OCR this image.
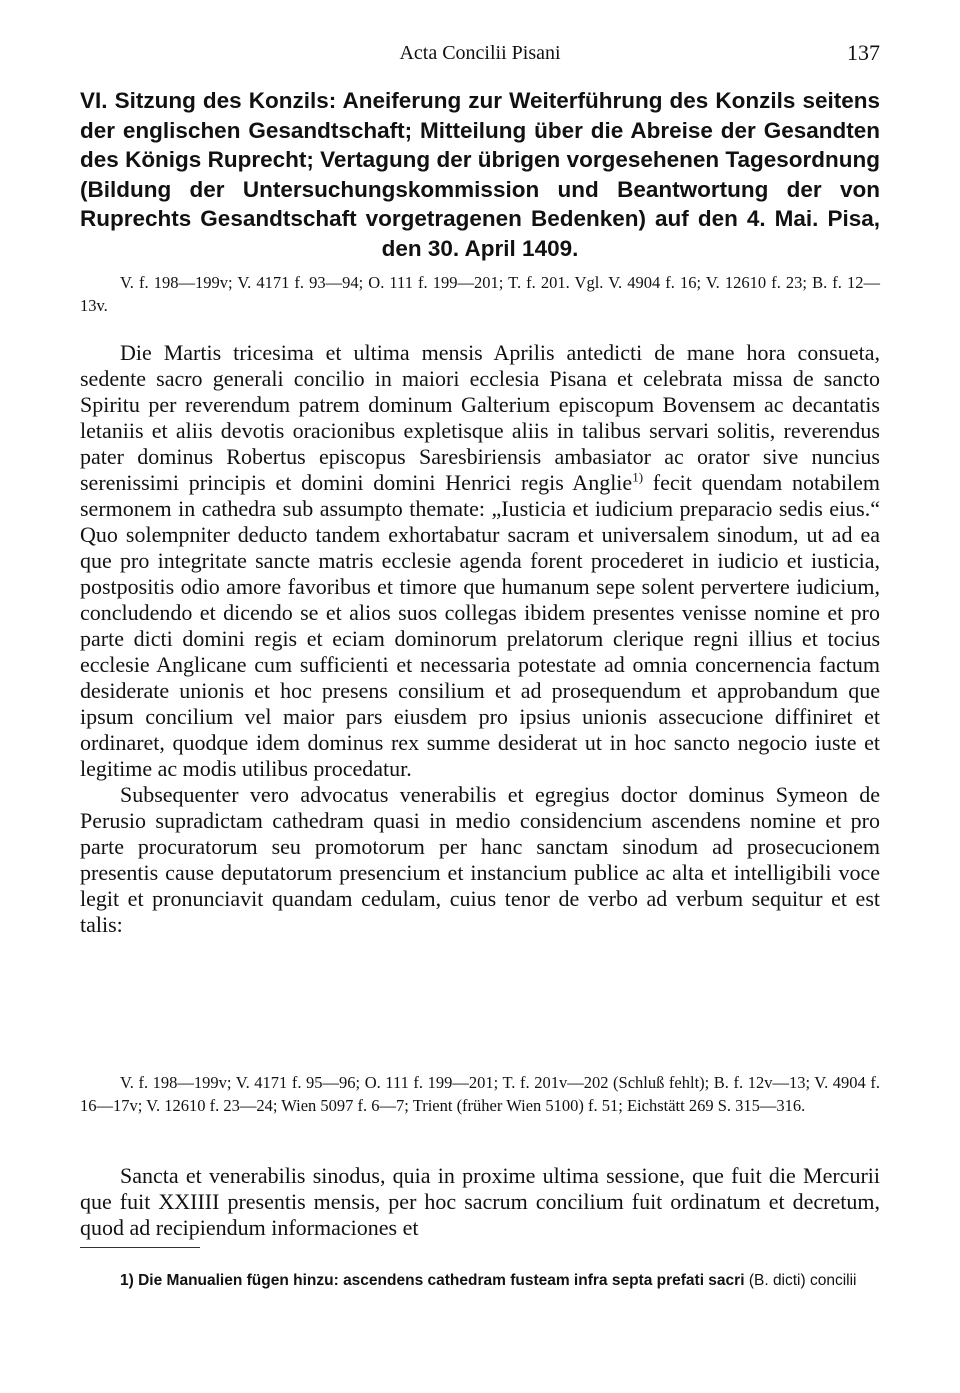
Acta Concilii Pisani	137
VI. Sitzung des Konzils: Aneiferung zur Weiterführung des Konzils seitens der englischen Gesandtschaft; Mitteilung über die Abreise der Gesandten des Königs Ruprecht; Vertagung der übrigen vorgesehenen Tagesordnung (Bildung der Untersuchungskommission und Beantwortung der von Ruprechts Gesandtschaft vorgetragenen Bedenken) auf den 4. Mai. Pisa, den 30. April 1409.

V. f. 198—199v; V. 4171 f. 93—94; O. 111 f. 199—201; T. f. 201. Vgl. V. 4904 f. 16; V. 12610 f. 23; B. f. 12—13v.

Die Martis tricesima et ultima mensis Aprilis antedicti de mane hora consueta, sedente sacro generali concilio in maiori ecclesia Pisana et celebrata missa de sancto Spiritu per reverendum patrem dominum Galterium episcopum Bovensem ac decantatis letaniis et aliis devotis oracionibus expletisque aliis in talibus servari solitis, reverendus pater dominus Robertus episcopus Saresbiriensis ambasiator ac orator sive nuncius serenissimi principis et domini domini Henrici regis Anglie$^{1)}$ fecit quendam notabilem sermonem in cathedra sub assumpto themate: „Iusticia et iudicium preparacio sedis eius.“ Quo solempniter deducto tandem exhortabatur sacram et universalem sinodum, ut ad ea que pro integritate sancte matris ecclesie agenda forent procederet in iudicio et iusticia, postpositis odio amore favoribus et timore que humanum sepe solent pervertere iudicium, concludendo et dicendo se et alios suos collegas ibidem presentes venisse nomine et pro parte dicti domini regis et eciam dominorum prelatorum clerique regni illius et tocius ecclesie Anglicane cum sufficienti et necessaria potestate ad omnia concernencia factum desiderate unionis et hoc presens consilium et ad prosequendum et approbandum que ipsum concilium vel maior pars eiusdem pro ipsius unionis assecucione diffiniret et ordinaret, quodque idem dominus rex summe desiderat ut in hoc sancto negocio iuste et legitime ac modis utilibus procedatur.

Subsequenter vero advocatus venerabilis et egregius doctor dominus Symeon de Perusio supradictam cathedram quasi in medio considencium ascendens nomine et pro parte procuratorum seu promotorum per hanc sanctam sinodum ad prosecucionem presentis cause deputatorum presencium et instancium publice ac alta et intelligibili voce legit et pronunciavit quandam cedulam, cuius tenor de verbo ad verbum sequitur et est talis:

V. f. 198—199v; V. 4171 f. 95—96; O. 111 f. 199—201; T. f. 201v—202 (Schluß fehlt); B. f. 12v—13; V. 4904 f. 16—17v; V. 12610 f. 23—24; Wien 5097 f. 6—7; Trient (früher Wien 5100) f. 51; Eichstätt 269 S. 315—316.

Sancta et venerabilis sinodus, quia in proxime ultima sessione, que fuit die Mercurii que fuit XXIIII presentis mensis, per hoc sacrum concilium fuit ordinatum et decretum, quod ad recipiendum informaciones et

1) Die Manualien fügen hinzu: ascendens cathedram fusteam infra septa prefati sacri (B. dicti) concilii
